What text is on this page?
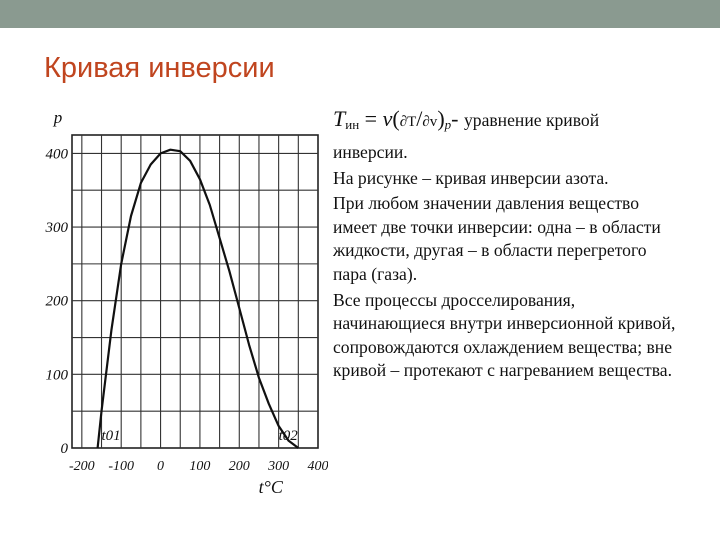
Кривая инверсии
0
100
200
300
400
-200 -100 0 100 200 300 400
p
t°C
t01	t02
$T_{ин} = v(\partial T/\partial v)_p-$ уравнение кривой инверсии.
На рисунке – кривая инверсии азота.
При любом значении давления вещество имеет две точки инверсии: одна – в области жидкости, другая – в области перегретого пара (газа).
Все процессы дросселирования, начинающиеся внутри инверсионной кривой, сопровождаются охлаждением вещества; вне кривой – протекают с нагреванием вещества.
